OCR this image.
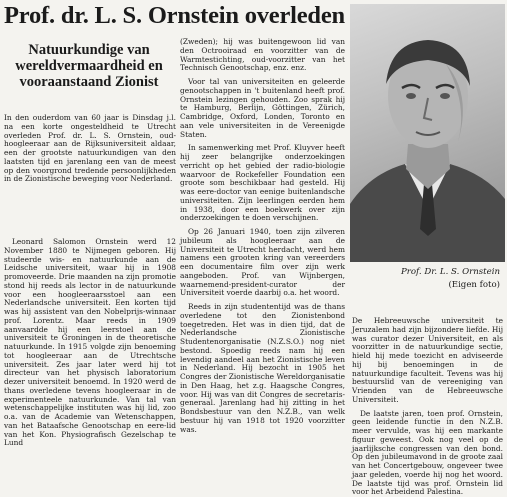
Prof. dr. L. S. Ornstein overleden
Natuurkundige van wereldvermaardheid en vooraanstaand Zionist

In den ouderdom van 60 jaar is Dinsdag j.l. na een korte ongesteldheid te Utrecht overleden Prof. dr. L. S. Ornstein, oud-hoogleeraar aan de Rijksuniversiteit aldaar, een der grootste natuurkundigen van den laatsten tijd en jarenlang een van de meest op den voorgrond tredende persoonlijkheden in de Zionistische beweging voor Nederland.

Leonard Salomon Ornstein werd 12 November 1880 te Nijmegen geboren. Hij studeerde wis- en natuurkunde aan de Leidsche universiteit, waar hij in 1908 promoveerde. Drie maanden na zijn promotie stond hij reeds als lector in de natuurkunde voor een hoogleeraarsstoel aan een Nederlandsche universiteit. Een korten tijd was hij assistent van den Nobelprijs-winnaar prof. Lorentz. Maar reeds in 1909 aanvaardde hij een leerstoel aan de universiteit te Groningen in de theoretische natuurkunde. In 1915 volgde zijn benoeming tot hoogleeraar aan de Utrechtsche universiteit. Zes jaar later werd hij tot directeur van het physisch laboratorium dezer universiteit benoemd. In 1920 werd de thans overledene tevens hoogleeraar in de experimenteele natuurkunde. Van tal van wetenschappelijke instituten was hij lid, zoo o.a. van de Academie van Wetenschappen, van het Bataafsche Genootschap en eere-lid van het Kon. Physiografisch Gezelschap te Lund

(Zweden); hij was buitengewoon lid van den Octrooiraad en voorzitter van de Warmtestichting, oud-voorzitter van het Technisch Genootschap, enz. enz.

Voor tal van universiteiten en geleerde genootschappen in 't buitenland heeft prof. Ornstein lezingen gehouden. Zoo sprak hij te Hamburg, Berlijn, Göttingen, Zürich, Cambridge, Oxford, Londen, Toronto en aan vele universiteiten in de Vereenigde Staten.

In samenwerking met Prof. Kluyver heeft hij zeer belangrijke onderzoekingen verricht op het gebied der radio-biologie waarvoor de Rockefeller Foundation een groote som beschikbaar had gesteld. Hij was eere-doctor van eenige buitenlandsche universiteiten. Zijn leerlingen eerden hem in 1938, door een boekwerk over zijn onderzoekingen te doen verschijnen.

Op 26 Januari 1940, toen zijn zilveren jubileum als hoogleeraar aan de Universiteit te Utrecht herdacht, werd hem namens een grooten kring van vereerders een documentaire film over zijn werk aangeboden. Prof. van Wijnbergen, waarnemend-president-curator der Universiteit voerde daarbij o.a. het woord.

Reeds in zijn studententijd was de thans overledene tot den Zionistenbond toegetreden. Het was in dien tijd, dat de Nederlandsche Zionistische Studentenorganisatie (N.Z.S.O.) nog niet bestond. Spoedig reeds nam hij een levendig aandeel aan het Zionistische leven in Nederland. Hij bezocht in 1905 het Congres der Zionistische Wereldorganisatie in Den Haag, het z.g. Haagsche Congres, voor. Hij was van dit Congres de secretaris-generaal. Jarenlang had hij zitting in het Bondsbestuur van den N.Z.B., van welk bestuur hij van 1918 tot 1920 voorzitter was.

Prof. Dr. L. S. Ornstein
(Eigen foto)

De Hebreeuwsche universiteit te Jeruzalem had zijn bijzondere liefde. Hij was curator dezer Universiteit, en als voorzitter in de natuurkundige sectie, hield hij mede toezicht en adviseerde hij bij benoemingen in de natuurkundige faculteit. Tevens was hij bestuurslid van de vereeniging van Vrienden van de Hebreeuwsche Universiteit.

De laatste jaren, toen prof. Ornstein, geen leidende functie in den N.Z.B. meer vervulde, was hij een markante figuur geweest. Ook nog veel op de jaarlijksche congressen van den bond. Op den jubileumavond in de groote zaal van het Concertgebouw, ongeveer twee jaar geleden, voerde hij nog het woord. De laatste tijd was prof. Ornstein lid voor het Arbeidend Palestina.
